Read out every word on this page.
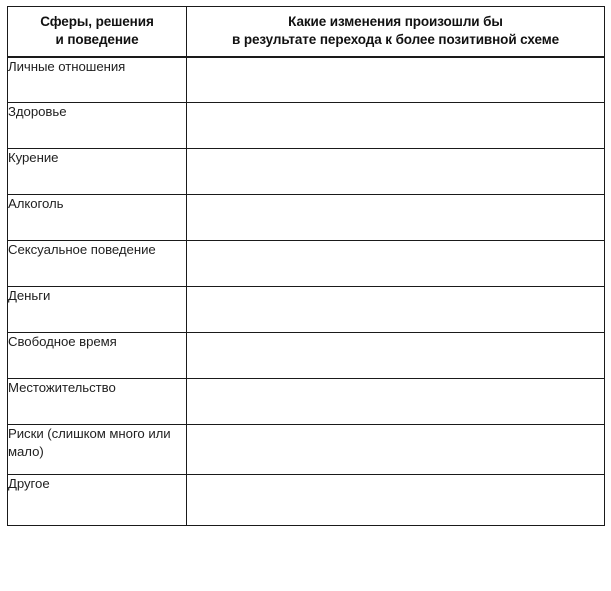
Сферы, решения
и поведение	Какие изменения произошли бы
в результате перехода к более позитивной схеме

Личные отношения	
Здоровье	
Курение	
Алкоголь	
Сексуальное поведение	
Деньги	
Свободное время	
Местожительство	
Риски (слишком много или мало)	
Другое	
